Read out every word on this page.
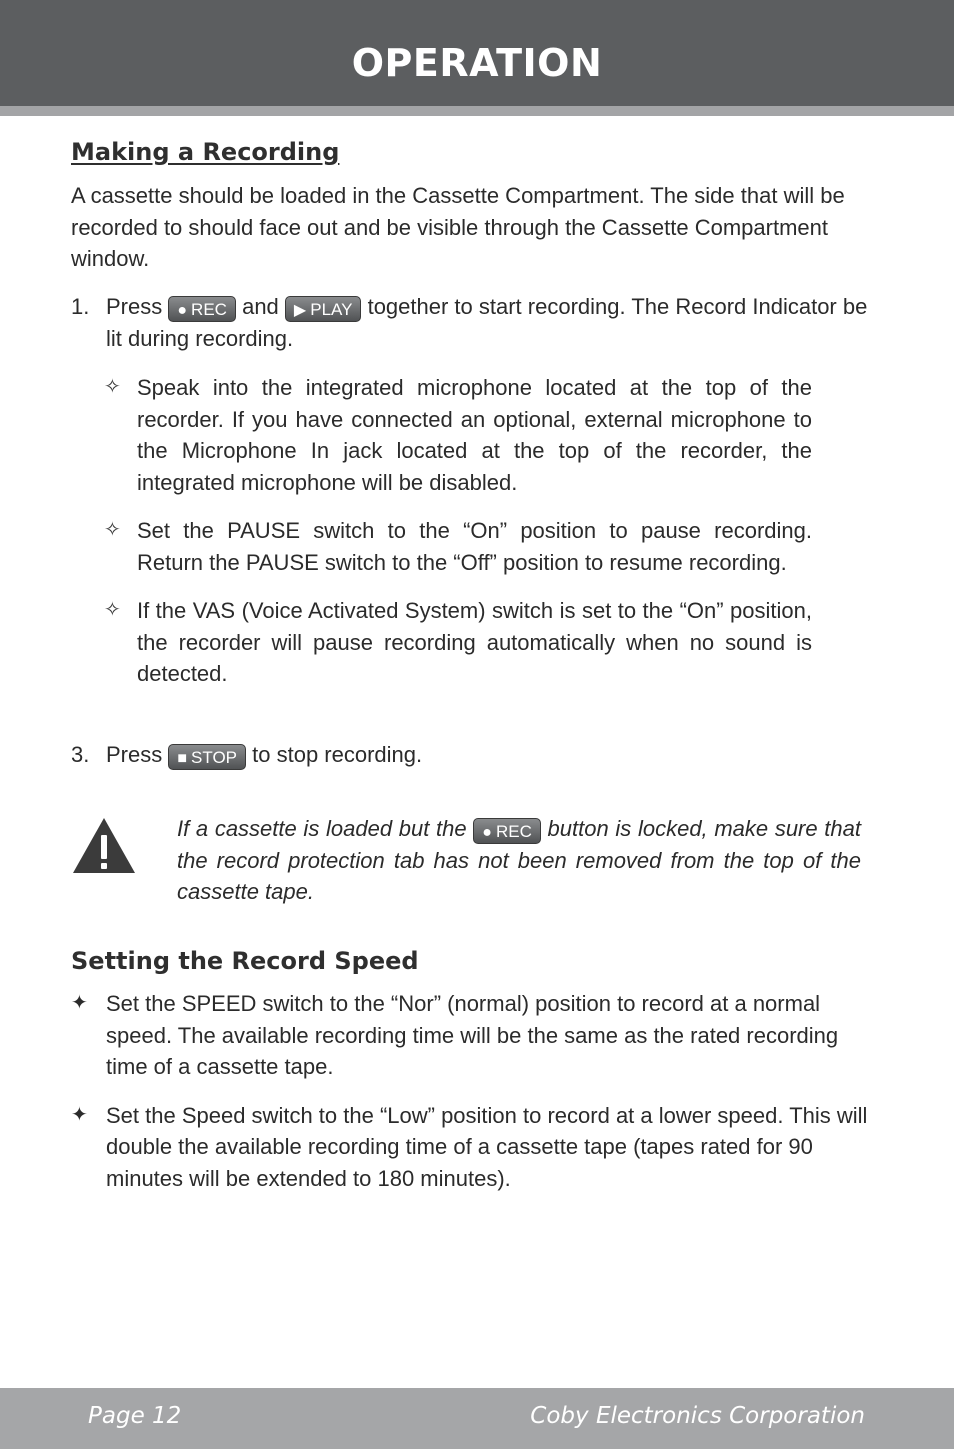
OPERATION
Making a Recording

A cassette should be loaded in the Cassette Compartment. The side that will be recorded to should face out and be visible through the Cassette Compartment window.

1. Press ● REC and ▶ PLAY together to start recording. The Record Indicator be lit during recording.
✧ Speak into the integrated microphone located at the top of the recorder. If you have connected an optional, external microphone to the Microphone In jack located at the top of the recorder, the integrated microphone will be disabled.
✧ Set the PAUSE switch to the “On” position to pause recording. Return the PAUSE switch to the “Off” position to resume recording.
✧ If the VAS (Voice Activated System) switch is set to the “On” position, the recorder will pause recording automatically when no sound is detected.
3. Press ■ STOP to stop recording.
If a cassette is loaded but the ● REC button is locked, make sure that the record protection tab has not been removed from the top of the cassette tape.
Setting the Record Speed
✦ Set the SPEED switch to the “Nor” (normal) position to record at a normal speed. The available recording time will be the same as the rated recording time of a cassette tape.
✦ Set the Speed switch to the “Low” position to record at a lower speed. This will double the available recording time of a cassette tape (tapes rated for 90 minutes will be extended to 180 minutes).
Page 12	Coby Electronics Corporation
